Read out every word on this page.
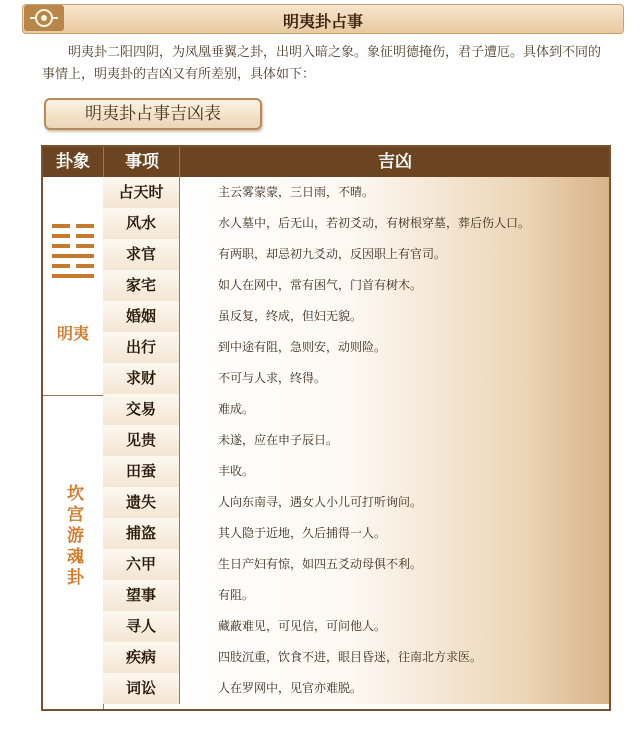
明夷卦占事
明夷卦二阳四阴，为凤凰垂翼之卦，出明入暗之象。象征明德掩伤，君子遭厄。具体到不同的事情上，明夷卦的吉凶又有所差别，具体如下：
明夷卦占事吉凶表
卦象	事项	吉凶
明夷
坎宫游魂卦
占天时	主云雾蒙蒙，三日雨，不晴。
风水	水人墓中，后无山，若初爻动，有树根穿墓，葬后伤人口。
求官	有两职，却忌初九爻动，反因职上有官司。
家宅	如人在网中，常有困气，门首有树木。
婚姻	虽反复，终成，但妇无貌。
出行	到中途有阻，急则安，动则险。
求财	不可与人求，终得。
交易	难成。
见贵	未遂，应在申子辰日。
田蚕	丰收。
遗失	人向东南寻，遇女人小儿可打听询问。
捕盗	其人隐于近地，久后捕得一人。
六甲	生日产妇有惊，如四五爻动母俱不利。
望事	有阻。
寻人	藏蔽难见，可见信，可问他人。
疾病	四肢沉重，饮食不进，眼目昏迷，往南北方求医。
词讼	人在罗网中，见官亦难脱。
